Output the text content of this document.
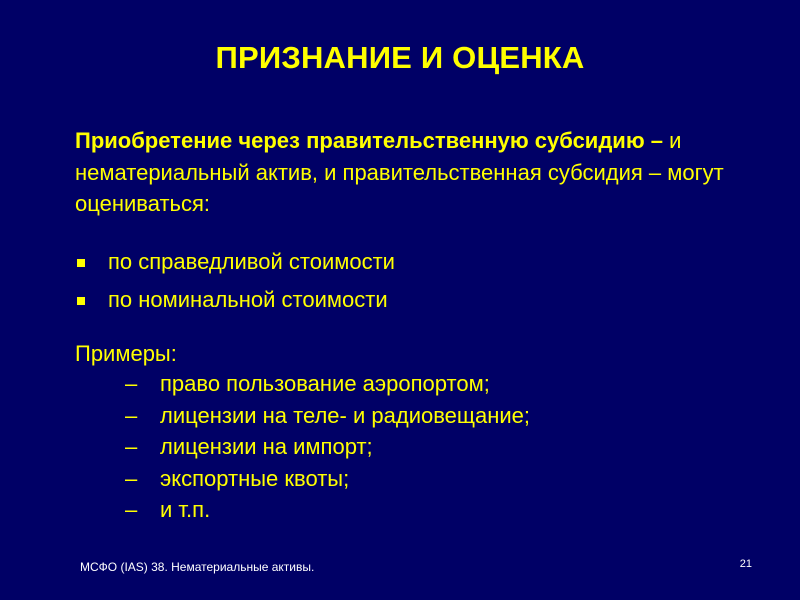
ПРИЗНАНИЕ И ОЦЕНКА
Приобретение через правительственную субсидию – и нематериальный актив, и правительственная субсидия – могут оцениваться:
по справедливой стоимости
по номинальной стоимости
Примеры:
– право пользование аэропортом;
– лицензии на теле- и радиовещание;
– лицензии на импорт;
– экспортные квоты;
– и т.п.
МСФО (IAS) 38. Нематериальные активы.	21
